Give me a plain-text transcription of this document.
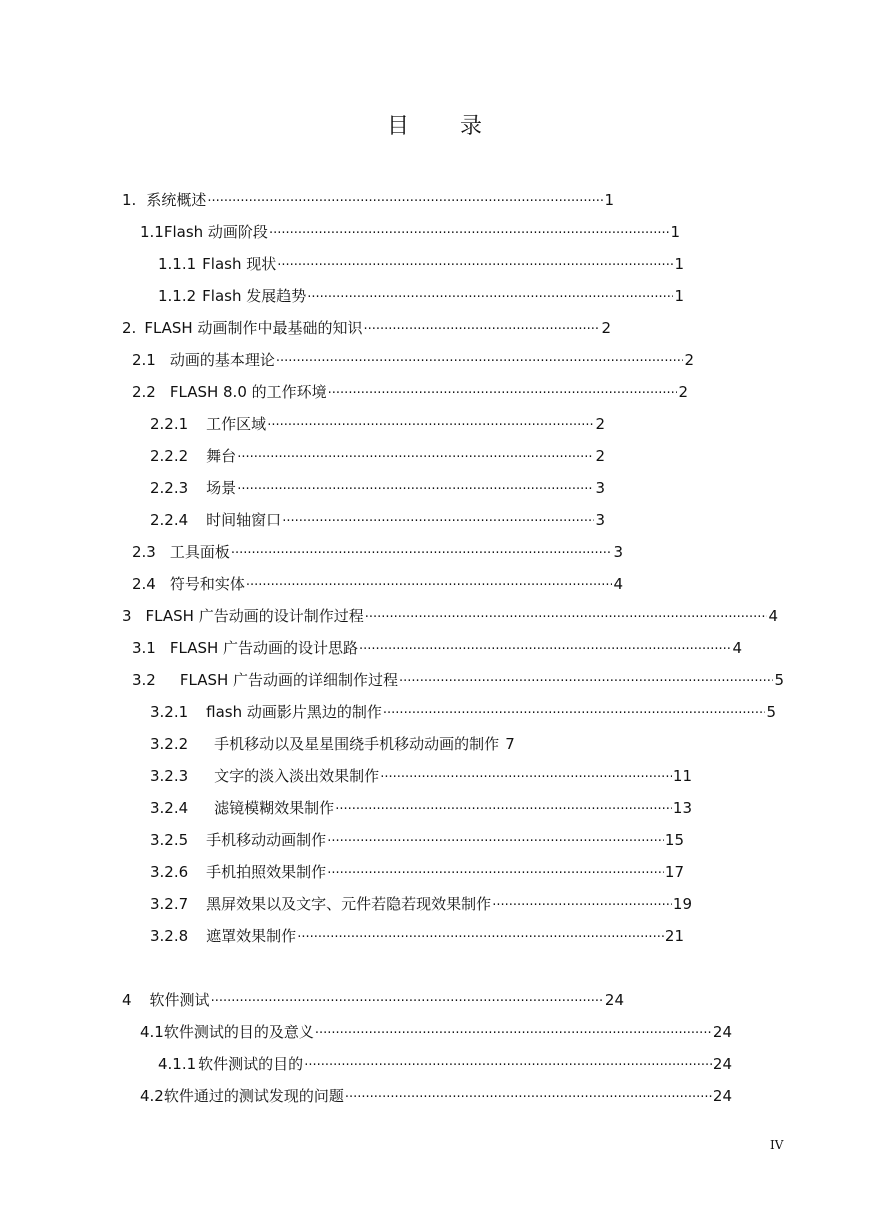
目 录
1. 系统概述 ·····	1
1.1 Flash 动画阶段 ·····	1
1.1.1 Flash 现状 ·····	1
1.1.2 Flash 发展趋势 ·····	1
2. FLASH 动画制作中最基础的知识 ·····	2
2.1 动画的基本理论 ·····	2
2.2 FLASH 8.0 的工作环境 ·····	2
2.2.1 工作区域 ·····	2
2.2.2 舞台 ·····	2
2.2.3 场景 ·····	3
2.2.4 时间轴窗口 ·····	3
2.3 工具面板 ·····	3
2.4 符号和实体 ·····	4
3 FLASH 广告动画的设计制作过程 ·····	4
3.1 FLASH 广告动画的设计思路 ·····	4
3.2 FLASH 广告动画的详细制作过程 ·····	5
3.2.1 flash 动画影片黑边的制作 ·····	5
3.2.2 手机移动以及星星围绕手机移动动画的制作 7
3.2.3 文字的淡入淡出效果制作 ·····	11
3.2.4 滤镜模糊效果制作 ·····	13
3.2.5 手机移动动画制作 ·····	15
3.2.6 手机拍照效果制作 ·····	17
3.2.7 黑屏效果以及文字、元件若隐若现效果制作 ·····	19
3.2.8 遮罩效果制作 ·····	21
4 软件测试 ·····	24
4.1 软件测试的目的及意义 ·····	24
4.1.1 软件测试的目的 ·····	24
4.2 软件通过的测试发现的问题 ·····	24
IV
